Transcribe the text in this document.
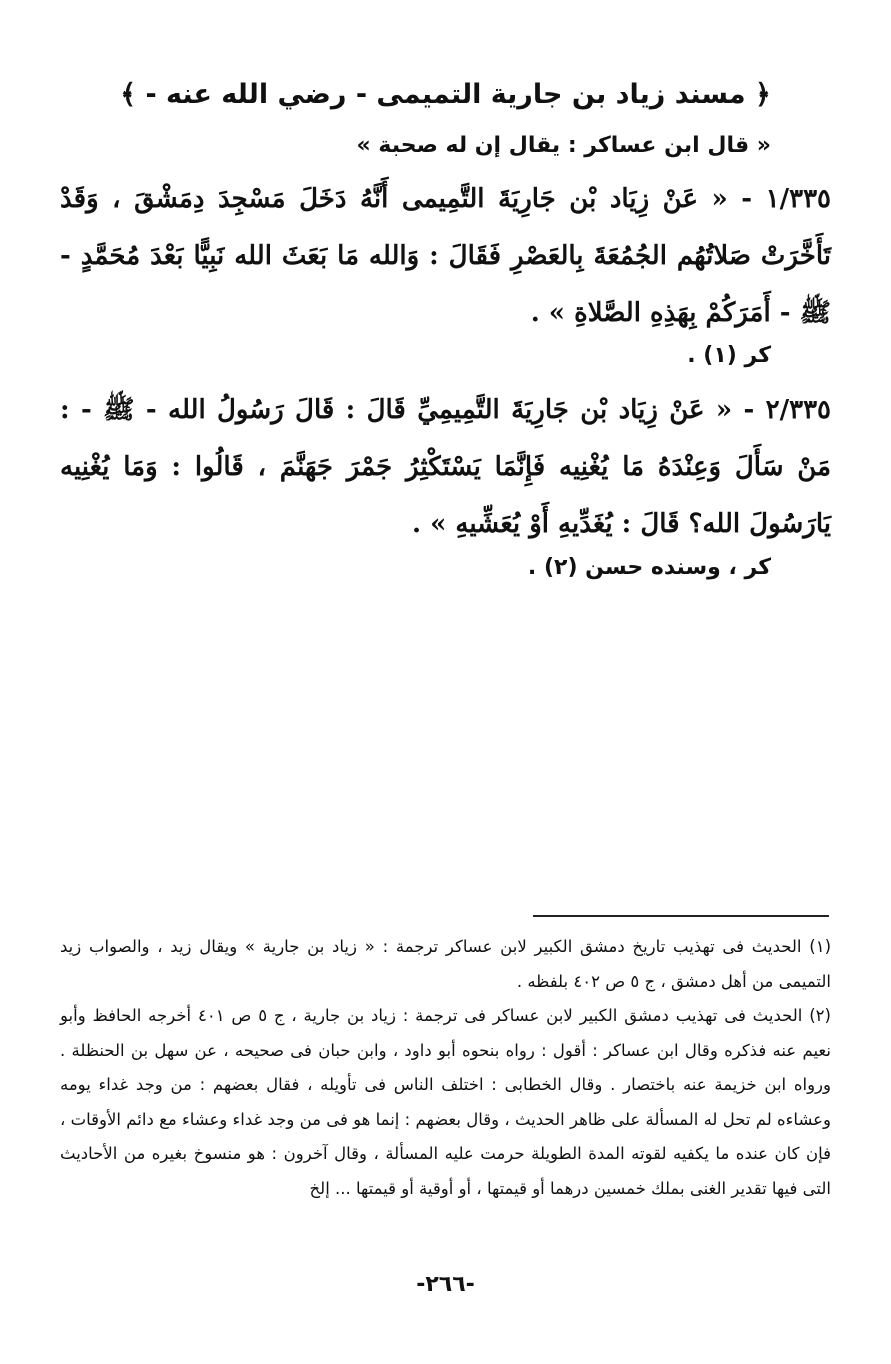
﴿ مسند زياد بن جارية التميمى - رضي الله عنه - ﴾
« قال ابن عساكر : يقال إن له صحبة »
١/٣٣٥ - « عَنْ زِيَاد بْن جَارِيَةَ التَّمِيمى أَنَّهُ دَخَلَ مَسْجِدَ دِمَشْقَ ، وَقَدْ تَأَخَّرَتْ صَلاتُهُم الجُمُعَةَ بِالعَصْرِ فَقَالَ : وَالله مَا بَعَثَ الله نَبِيًّا بَعْدَ مُحَمَّدٍ - ﷺ - أَمَرَكُمْ بِهَذِهِ الصَّلاةِ » .
كر (١) .
٢/٣٣٥ - « عَنْ زِيَاد بْن جَارِيَةَ التَّمِيمِيِّ قَالَ : قَالَ رَسُولُ الله - ﷺ - : مَنْ سَأَلَ وَعِنْدَهُ مَا يُغْنِيه فَإِنَّمَا يَسْتَكْثِرُ جَمْرَ جَهَنَّمَ ، قَالُوا : وَمَا يُغْنِيه يَارَسُولَ الله؟ قَالَ : يُغَدِّيهِ أَوْ يُعَشِّيهِ » .
كر ، وسنده حسن (٢) .

(١) الحديث فى تهذيب تاريخ دمشق الكبير لابن عساكر ترجمة : « زياد بن جارية » ويقال زيد ، والصواب زيد التميمى من أهل دمشق ، ج ٥ ص ٤٠٢ بلفظه .

(٢) الحديث فى تهذيب دمشق الكبير لابن عساكر فى ترجمة : زياد بن جارية ، ج ٥ ص ٤٠١ أخرجه الحافظ وأبو نعيم عنه فذكره وقال ابن عساكر : أقول : رواه بنحوه أبو داود ، وابن حبان فى صحيحه ، عن سهل بن الحنظلة . ورواه ابن خزيمة عنه باختصار . وقال الخطابى : اختلف الناس فى تأويله ، فقال بعضهم : من وجد غداء يومه وعشاءه لم تحل له المسألة على ظاهر الحديث ، وقال بعضهم : إنما هو فى من وجد غداء وعشاء مع دائم الأوقات ، فإن كان عنده ما يكفيه لقوته المدة الطويلة حرمت عليه المسألة ، وقال آخرون : هو منسوخ بغيره من الأحاديث التى فيها تقدير الغنى بملك خمسين درهما أو قيمتها ، أو أوقية أو قيمتها ... إلخ

-٢٦٦-
